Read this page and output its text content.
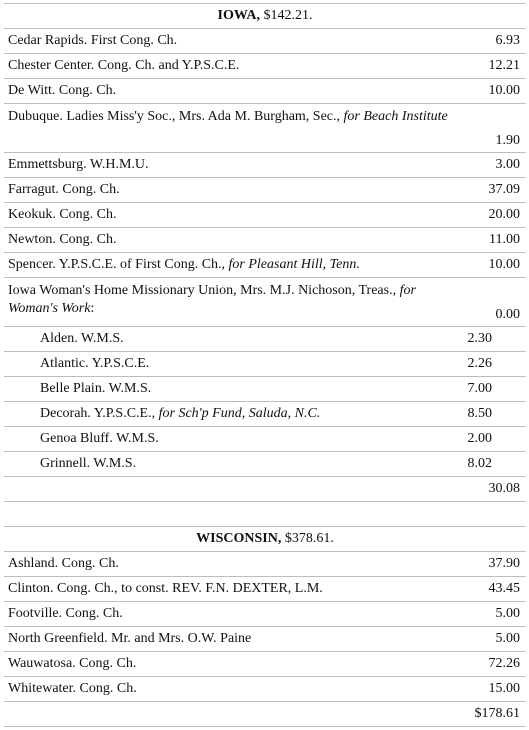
IOWA, $142.21.
Cedar Rapids. First Cong. Ch.	6.93
Chester Center. Cong. Ch. and Y.P.S.C.E.	12.21
De Witt. Cong. Ch.	10.00
Dubuque. Ladies Miss'y Soc., Mrs. Ada M. Burgham, Sec., for Beach Institute
1.90
Emmettsburg. W.H.M.U.	3.00
Farragut. Cong. Ch.	37.09
Keokuk. Cong. Ch.	20.00
Newton. Cong. Ch.	11.00
Spencer. Y.P.S.C.E. of First Cong. Ch., for Pleasant Hill, Tenn.	10.00
Iowa Woman's Home Missionary Union, Mrs. M.J. Nichoson, Treas., for Woman's Work:	0.00
Alden. W.M.S.	2.30
Atlantic. Y.P.S.C.E.	2.26
Belle Plain. W.M.S.	7.00
Decorah. Y.P.S.C.E., for Sch'p Fund, Saluda, N.C.	8.50
Genoa Bluff. W.M.S.	2.00
Grinnell. W.M.S.	8.02
30.08
WISCONSIN, $378.61.
Ashland. Cong. Ch.	37.90
Clinton. Cong. Ch., to const. REV. F.N. DEXTER, L.M.	43.45
Footville. Cong. Ch.	5.00
North Greenfield. Mr. and Mrs. O.W. Paine	5.00
Wauwatosa. Cong. Ch.	72.26
Whitewater. Cong. Ch.	15.00
$178.61
